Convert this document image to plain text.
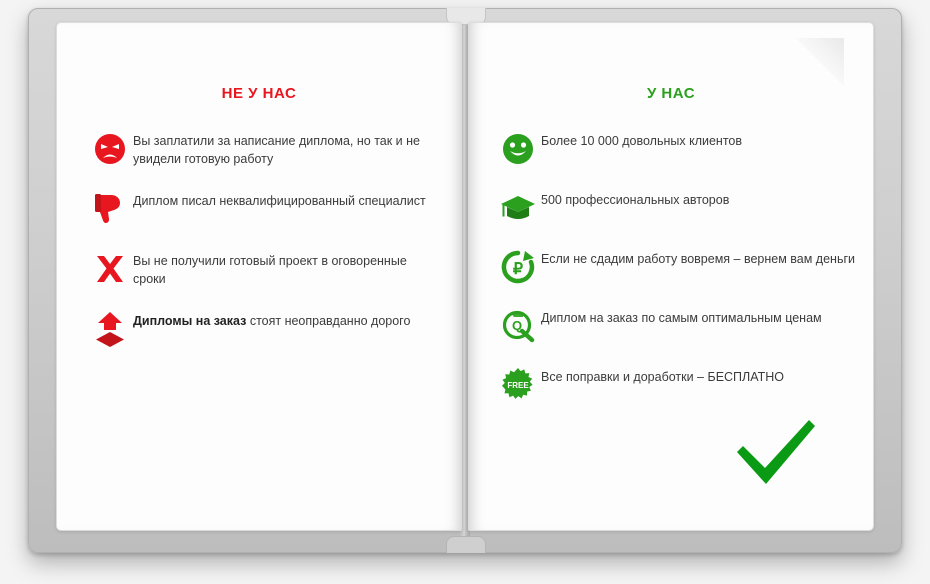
НЕ У НАС
Вы заплатили за написание диплома, но так и не увидели готовую работу
Диплом писал неквалифицированный специалист
Вы не получили готовый проект в оговоренные сроки
Дипломы на заказ стоят неоправданно дорого
У НАС
Более 10 000 довольных клиентов
500 профессиональных авторов
₽
Если не сдадим работу вовремя – вернем вам деньги
Q Диплом на заказ по самым оптимальным ценам
FREE
Все поправки и доработки – БЕСПЛАТНО
